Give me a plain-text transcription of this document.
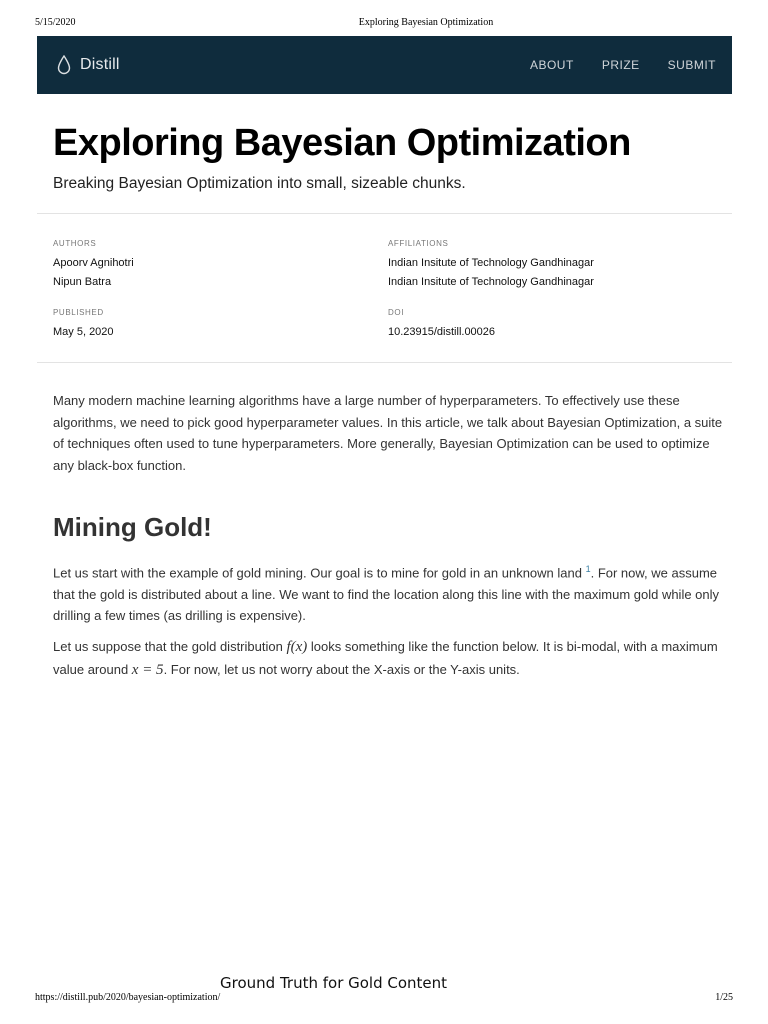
5/15/2020	Exploring Bayesian Optimization
Distill	ABOUT PRIZE SUBMIT
Exploring Bayesian Optimization

Breaking Bayesian Optimization into small, sizeable chunks.

AUTHORS
Apoorv Agnihotri
Nipun Batra
AFFILIATIONS
Indian Insitute of Technology Gandhinagar
Indian Insitute of Technology Gandhinagar
PUBLISHED
May 5, 2020
DOI
10.23915/distill.00026

Many modern machine learning algorithms have a large number of hyperparameters. To effectively use these algorithms, we need to pick good hyperparameter values. In this article, we talk about Bayesian Optimization, a suite of techniques often used to tune hyperparameters. More generally, Bayesian Optimization can be used to optimize any black-box function.

Mining Gold!

Let us start with the example of gold mining. Our goal is to mine for gold in an unknown land $^1$. For now, we assume that the gold is distributed about a line. We want to find the location along this line with the maximum gold while only drilling a few times (as drilling is expensive).

Let us suppose that the gold distribution f(x) looks something like the function below. It is bi-modal, with a maximum value around x = 5. For now, let us not worry about the X-axis or the Y-axis units.

Ground Truth for Gold Content
https://distill.pub/2020/bayesian-optimization/	1/25
